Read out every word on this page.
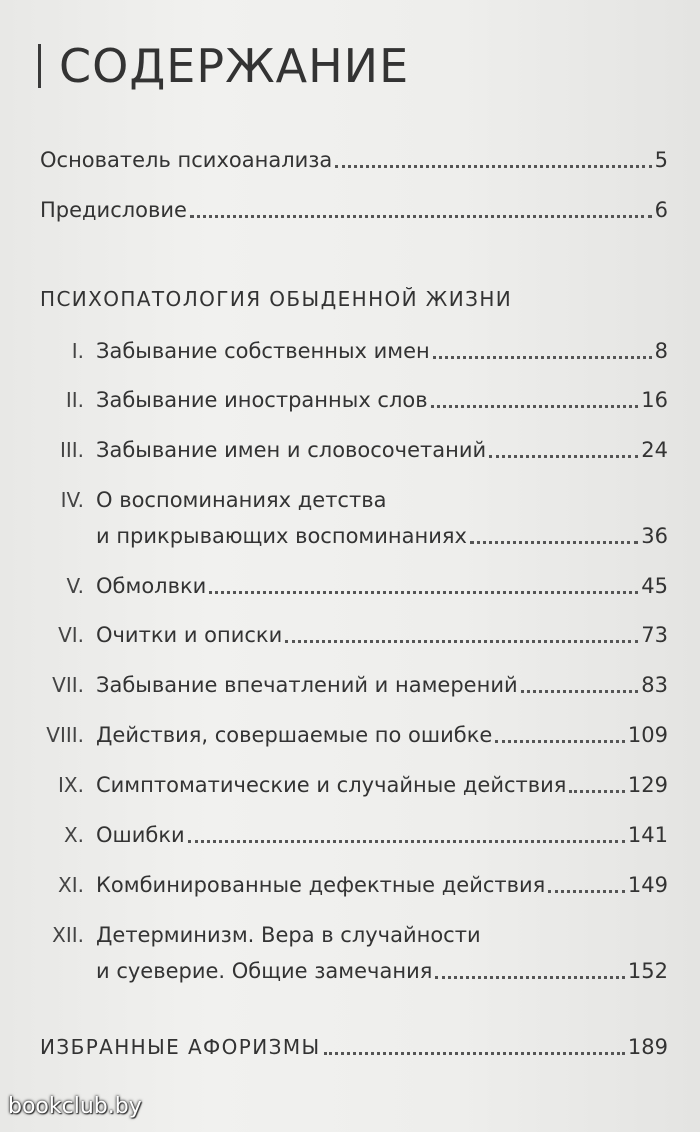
СОДЕРЖАНИЕ
Основатель психоанализа	5
Предисловие	6
ПСИХОПАТОЛОГИЯ ОБЫДЕННОЙ ЖИЗНИ
I. Забывание собственных имен	8
II. Забывание иностранных слов	16
III. Забывание имен и словосочетаний	24
IV. О воспоминаниях детства
и прикрывающих воспоминаниях	36
V. Обмолвки	45
VI. Очитки и описки	73
VII. Забывание впечатлений и намерений	83
VIII. Действия, совершаемые по ошибке	109
IX. Симптоматические и случайные действия	129
X. Ошибки	141
XI. Комбинированные дефектные действия	149
XII. Детерминизм. Вера в случайности
и суеверие. Общие замечания	152
ИЗБРАННЫЕ АФОРИЗМЫ	189
bookclub.by
